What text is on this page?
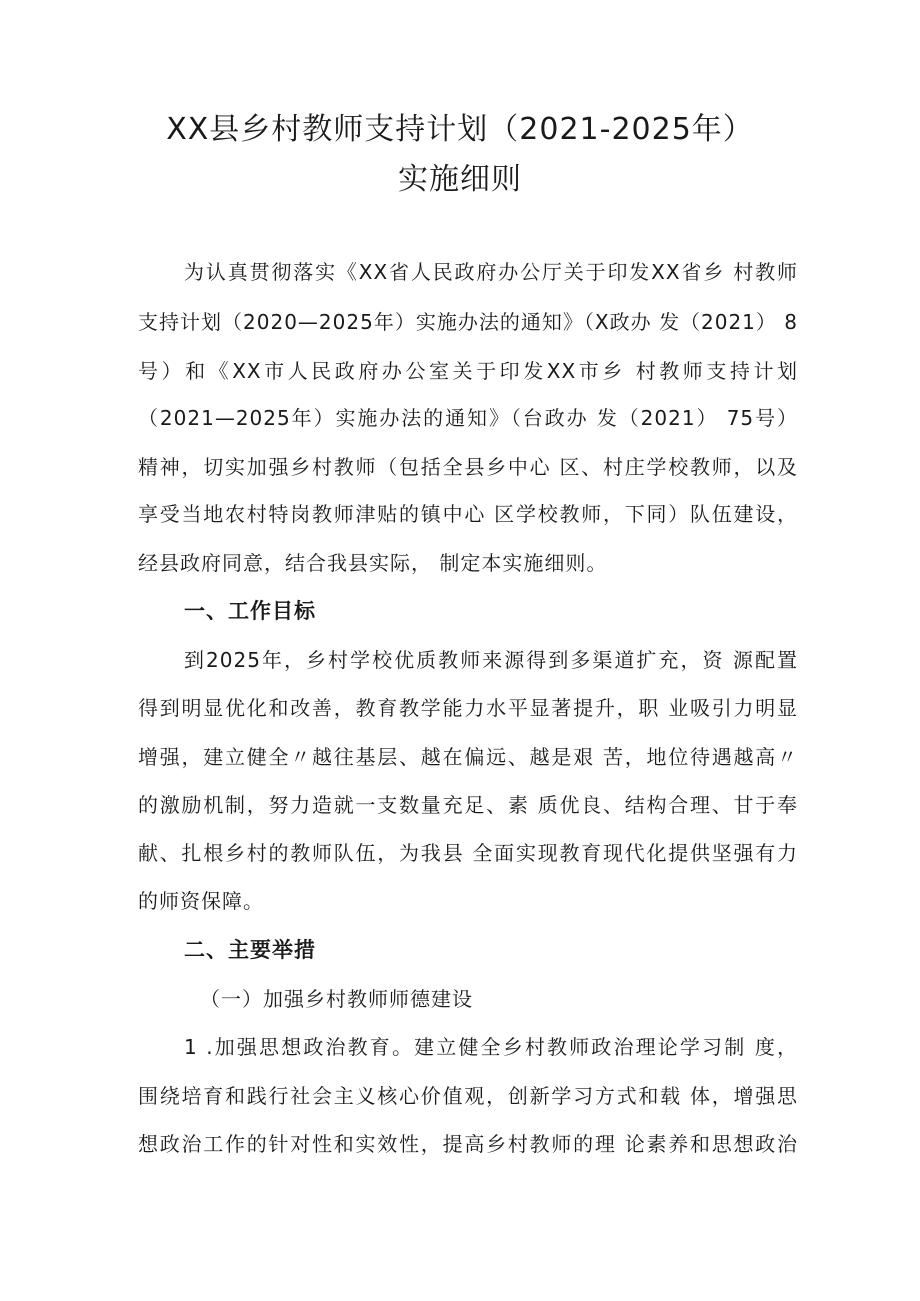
XX县乡村教师支持计划（2021-2025年）
实施细则

为认真贯彻落实《XX省人民政府办公厅关于印发XX省乡 村教师

支持计划（2020—2025年）实施办法的通知》（X政办 发（2021） 8

号）和《XX市人民政府办公室关于印发XX市乡 村教师支持计划

（2021—2025年）实施办法的通知》（台政办 发（2021） 75号）

精神，切实加强乡村教师（包括全县乡中心 区、村庄学校教师，以及

享受当地农村特岗教师津贴的镇中心 区学校教师，下同）队伍建设，

经县政府同意，结合我县实际， 制定本实施细则。

一、工作目标

到2025年，乡村学校优质教师来源得到多渠道扩充，资 源配置

得到明显优化和改善，教育教学能力水平显著提升，职 业吸引力明显

增强，建立健全〃越往基层、越在偏远、越是艰 苦，地位待遇越高〃

的激励机制，努力造就一支数量充足、素 质优良、结构合理、甘于奉

献、扎根乡村的教师队伍，为我县 全面实现教育现代化提供坚强有力

的师资保障。

二、主要举措

（一）加强乡村教师师德建设

1 .加强思想政治教育。建立健全乡村教师政治理论学习制 度，

围绕培育和践行社会主义核心价值观，创新学习方式和载 体，增强思

想政治工作的针对性和实效性，提高乡村教师的理 论素养和思想政治
